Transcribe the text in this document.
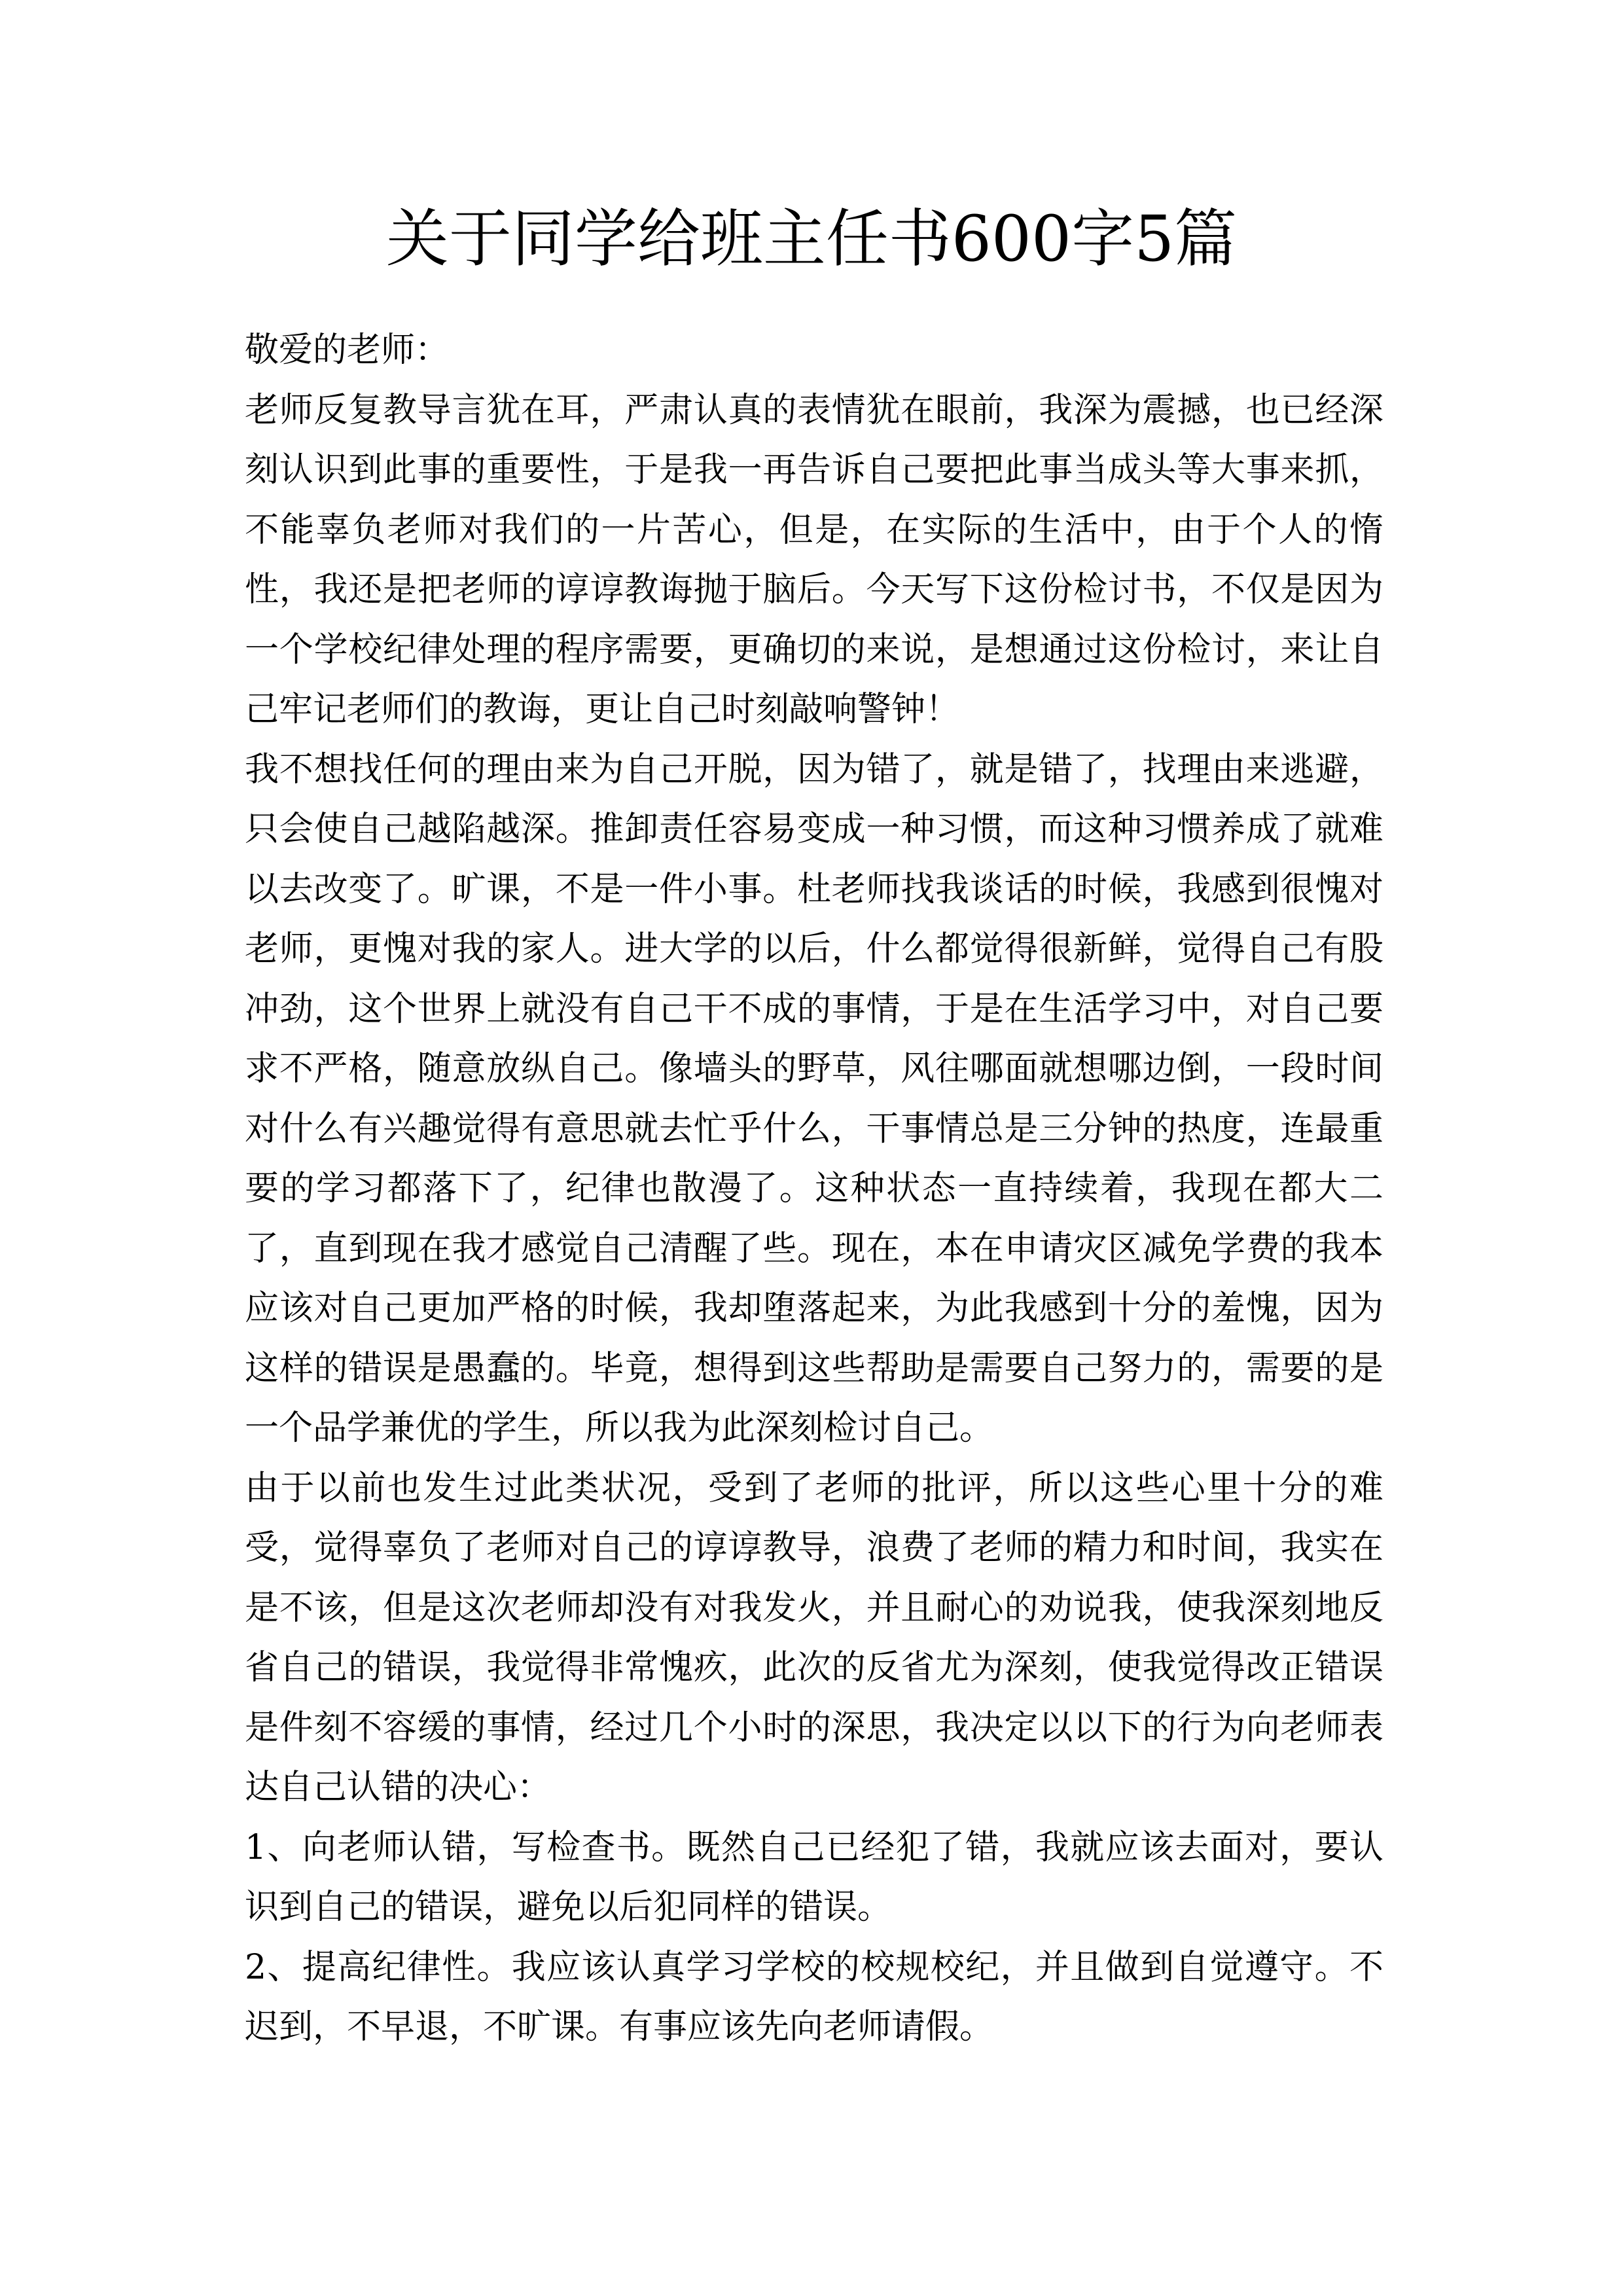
关于同学给班主任书600字5篇

敬爱的老师：

老师反复教导言犹在耳，严肃认真的表情犹在眼前，我深为震撼，也已经深刻认识到此事的重要性，于是我一再告诉自己要把此事当成头等大事来抓，不能辜负老师对我们的一片苦心，但是，在实际的生活中，由于个人的惰性，我还是把老师的谆谆教诲抛于脑后。今天写下这份检讨书，不仅是因为一个学校纪律处理的程序需要，更确切的来说，是想通过这份检讨，来让自己牢记老师们的教诲，更让自己时刻敲响警钟！

我不想找任何的理由来为自己开脱，因为错了，就是错了，找理由来逃避，只会使自己越陷越深。推卸责任容易变成一种习惯，而这种习惯养成了就难以去改变了。旷课，不是一件小事。杜老师找我谈话的时候，我感到很愧对老师，更愧对我的家人。进大学的以后，什么都觉得很新鲜，觉得自己有股冲劲，这个世界上就没有自己干不成的事情，于是在生活学习中，对自己要求不严格，随意放纵自己。像墙头的野草，风往哪面就想哪边倒，一段时间对什么有兴趣觉得有意思就去忙乎什么，干事情总是三分钟的热度，连最重要的学习都落下了，纪律也散漫了。这种状态一直持续着，我现在都大二了，直到现在我才感觉自己清醒了些。现在，本在申请灾区减免学费的我本应该对自己更加严格的时候，我却堕落起来，为此我感到十分的羞愧，因为这样的错误是愚蠢的。毕竟，想得到这些帮助是需要自己努力的，需要的是一个品学兼优的学生，所以我为此深刻检讨自己。

由于以前也发生过此类状况，受到了老师的批评，所以这些心里十分的难受，觉得辜负了老师对自己的谆谆教导，浪费了老师的精力和时间，我实在是不该，但是这次老师却没有对我发火，并且耐心的劝说我，使我深刻地反省自己的错误，我觉得非常愧疚，此次的反省尤为深刻，使我觉得改正错误是件刻不容缓的事情，经过几个小时的深思，我决定以以下的行为向老师表达自己认错的决心：

1、向老师认错，写检查书。既然自己已经犯了错，我就应该去面对，要认识到自己的错误，避免以后犯同样的错误。

2、提高纪律性。我应该认真学习学校的校规校纪，并且做到自觉遵守。不迟到，不早退，不旷课。有事应该先向老师请假。
